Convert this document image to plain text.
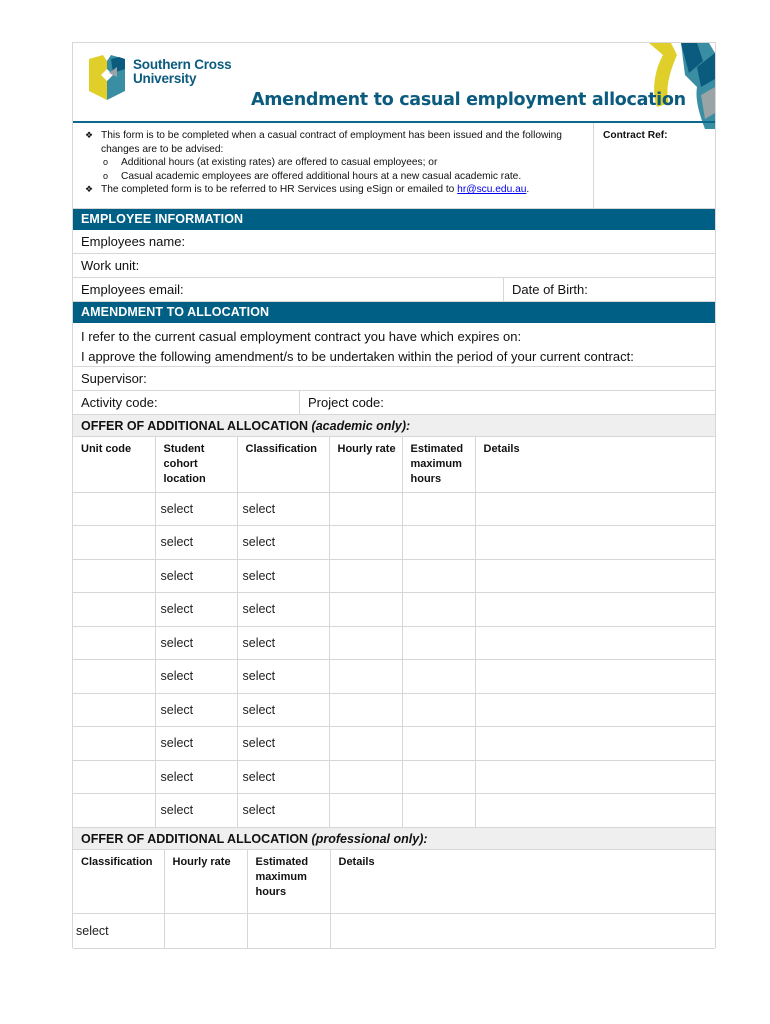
Southern Cross
University
Amendment to casual employment allocation
❖ This form is to be completed when a casual contract of employment has been issued and the following changes are to be advised:
o	Additional hours (at existing rates) are offered to casual employees; or
o	Casual academic employees are offered additional hours at a new casual academic rate.
❖ The completed form is to be referred to HR Services using eSign or emailed to hr@scu.edu.au.
Contract Ref:
EMPLOYEE INFORMATION
Employees name:
Work unit:
Employees email:	Date of Birth:
AMENDMENT TO ALLOCATION
I refer to the current casual employment contract you have which expires on:
I approve the following amendment/s to be undertaken within the period of your current contract:
Supervisor:
Activity code:	Project code:
OFFER OF ADDITIONAL ALLOCATION (academic only):
Unit code	Student cohort location	Classification	Hourly rate	Estimated maximum hours	Details
	select	select			
	select	select			
	select	select			
	select	select			
	select	select			
	select	select			
	select	select			
	select	select			
	select	select			
	select	select			
OFFER OF ADDITIONAL ALLOCATION (professional only):
Classification	Hourly rate	Estimated maximum hours	Details
select			
